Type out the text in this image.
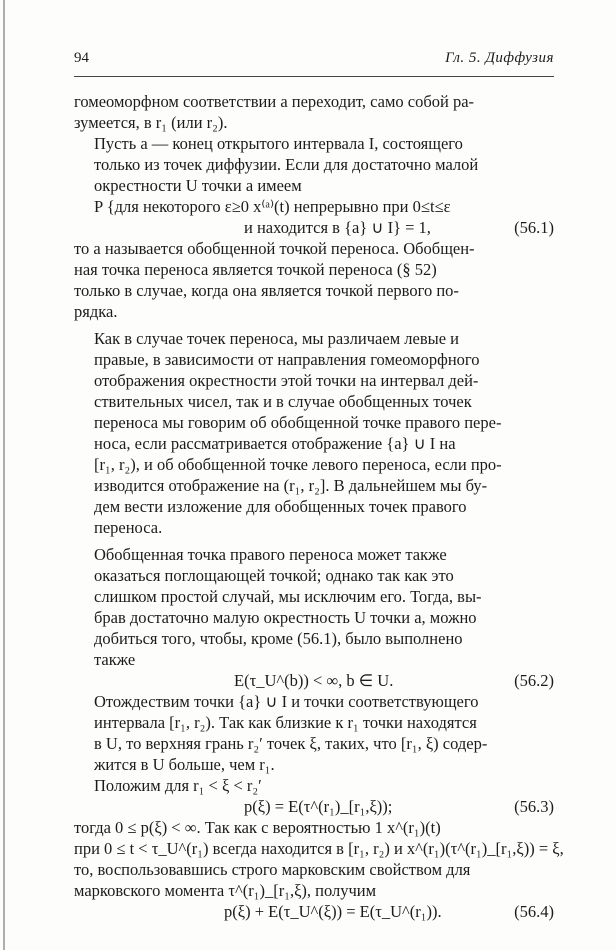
94	Гл. 5. Диффузия

гомеоморфном соответствии a переходит, само собой ра-
зумеется, в r₁ (или r₂).

Пусть a — конец открытого интервала I, состоящего
только из точек диффузии. Если для достаточно малой
окрестности U точки a имеем
P {для некоторого ε≥0 x⁽ᵃ⁾(t) непрерывно при 0≤t≤ε

и находится в {a} ∪ I} = 1,	(56.1)

то a называется обобщенной точкой переноса. Обобщен-
ная точка переноса является точкой переноса (§ 52)
только в случае, когда она является точкой первого по-
рядка.

Как в случае точек переноса, мы различаем левые и
правые, в зависимости от направления гомеоморфного
отображения окрестности этой точки на интервал дей-
ствительных чисел, так и в случае обобщенных точек
переноса мы говорим об обобщенной точке правого пере-
носа, если рассматривается отображение {a} ∪ I на
[r₁, r₂), и об обобщенной точке левого переноса, если про-
изводится отображение на (r₁, r₂]. В дальнейшем мы бу-
дем вести изложение для обобщенных точек правого
переноса.

Обобщенная точка правого переноса может также
оказаться поглощающей точкой; однако так как это
слишком простой случай, мы исключим его. Тогда, вы-
брав достаточно малую окрестность U точки a, можно
добиться того, чтобы, кроме (56.1), было выполнено
также

E(τ_U^(b)) < ∞, b ∈ U.	(56.2)

Отождествим точки {a} ∪ I и точки соответствующего
интервала [r₁, r₂). Так как близкие к r₁ точки находятся
в U, то верхняя грань r₂′ точек ξ, таких, что [r₁, ξ) содер-
жится в U больше, чем r₁.

Положим для r₁ < ξ < r₂′

p(ξ) = E(τ^(r₁)_[r₁,ξ));	(56.3)

тогда 0 ≤ p(ξ) < ∞. Так как с вероятностью 1 x^(r₁)(t)
при 0 ≤ t < τ_U^(r₁) всегда находится в [r₁, r₂) и x^(r₁)(τ^(r₁)_[r₁,ξ)) = ξ,
то, воспользовавшись строго марковским свойством для
марковского момента τ^(r₁)_[r₁,ξ), получим

p(ξ) + E(τ_U^(ξ)) = E(τ_U^(r₁)).	(56.4)
